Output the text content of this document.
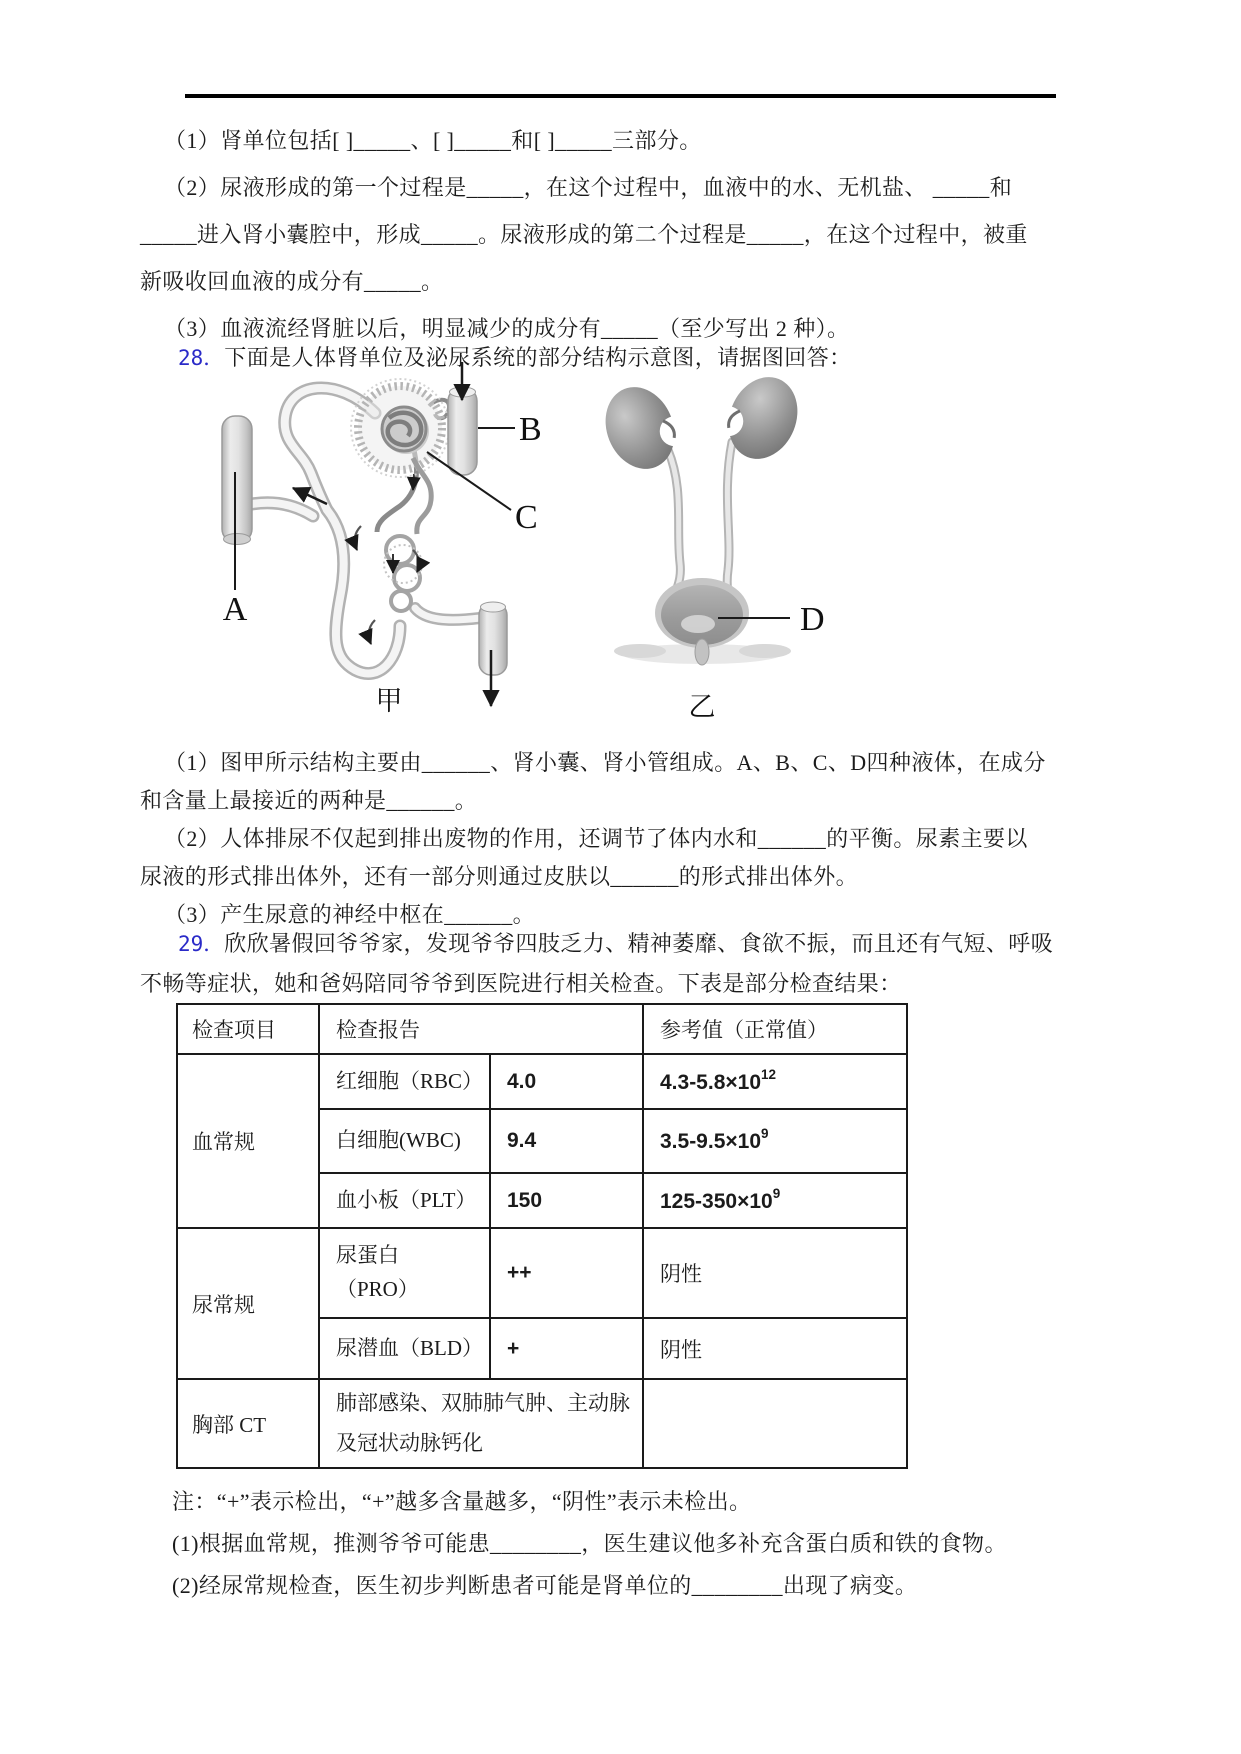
（1）肾单位包括[ ]_____、[ ]_____和[ ]_____三部分。
（2）尿液形成的第一个过程是_____，在这个过程中，血液中的水、无机盐、 _____和
_____进入肾小囊腔中，形成_____。尿液形成的第二个过程是_____，在这个过程中，被重
新吸收回血液的成分有_____。
（3）血液流经肾脏以后，明显减少的成分有_____（至少写出 2 种）。
28．下面是人体肾单位及泌尿系统的部分结构示意图，请据图回答：
A
B
C
甲
D
乙
（1）图甲所示结构主要由______、肾小囊、肾小管组成。A、B、C、D四种液体，在成分
和含量上最接近的两种是______。
（2）人体排尿不仅起到排出废物的作用，还调节了体内水和______的平衡。尿素主要以
尿液的形式排出体外，还有一部分则通过皮肤以______的形式排出体外。
（3）产生尿意的神经中枢在______。
29．欣欣暑假回爷爷家，发现爷爷四肢乏力、精神萎靡、食欲不振，而且还有气短、呼吸
不畅等症状，她和爸妈陪同爷爷到医院进行相关检查。下表是部分检查结果：
检查项目	检查报告		参考值（正常值）
血常规	红细胞（RBC）	4.0	$4.3-5.8\times 10^{12}$
	白细胞(WBC)	9.4	$3.5-9.5\times 10^9$
	血小板（PLT）	150	$125-350\times 10^9$
尿常规	尿蛋白
（PRO）	++	阴性
	尿潜血（BLD）	+	阴性
胸部 CT	肺部感染、双肺肺气肿、主动脉及冠状动脉钙化		
注：“+”表示检出，“+”越多含量越多，“阴性”表示未检出。
(1)根据血常规，推测爷爷可能患________，医生建议他多补充含蛋白质和铁的食物。
(2)经尿常规检查，医生初步判断患者可能是肾单位的________出现了病变。
